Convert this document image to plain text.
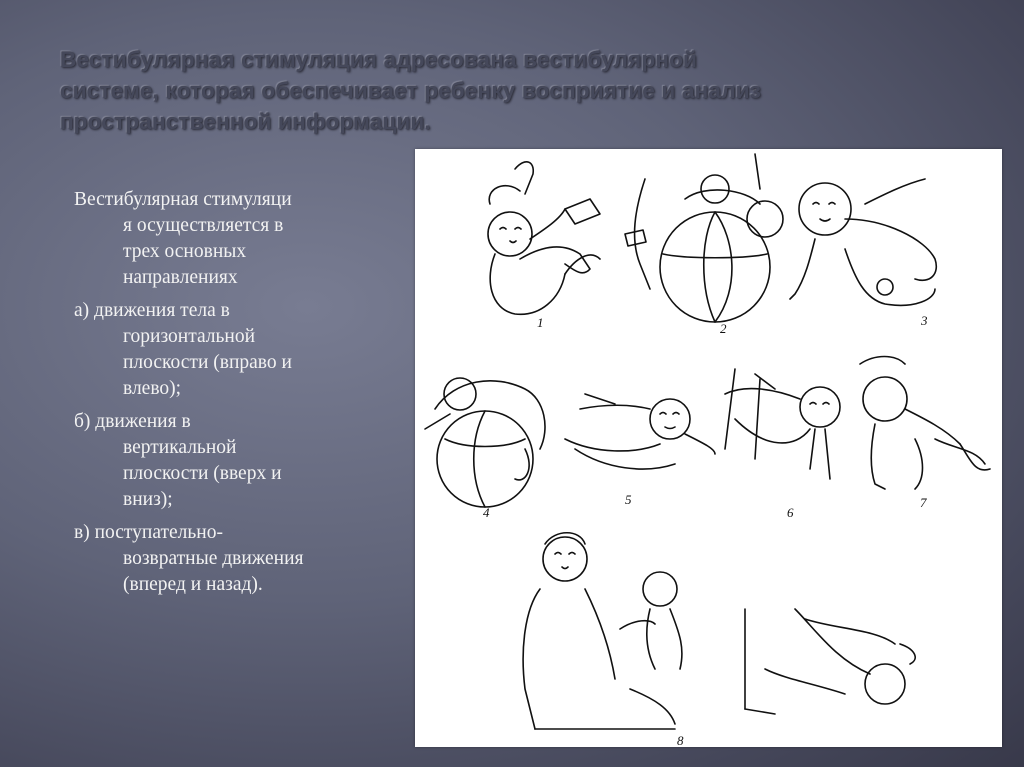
Вестибулярная стимуляция адресована вестибулярной
системе, которая обеспечивает ребенку восприятие и анализ
пространственной информации.
Вестибулярная стимуляци
я осуществляется в
трех основных
направлениях
а) движения тела в
горизонтальной
плоскости (вправо и
влево);
б) движения в
вертикальной
плоскости (вверх и
вниз);
в) поступательно-
возвратные движения
(вперед и назад).
1	2
3
4
5
6
7
8
